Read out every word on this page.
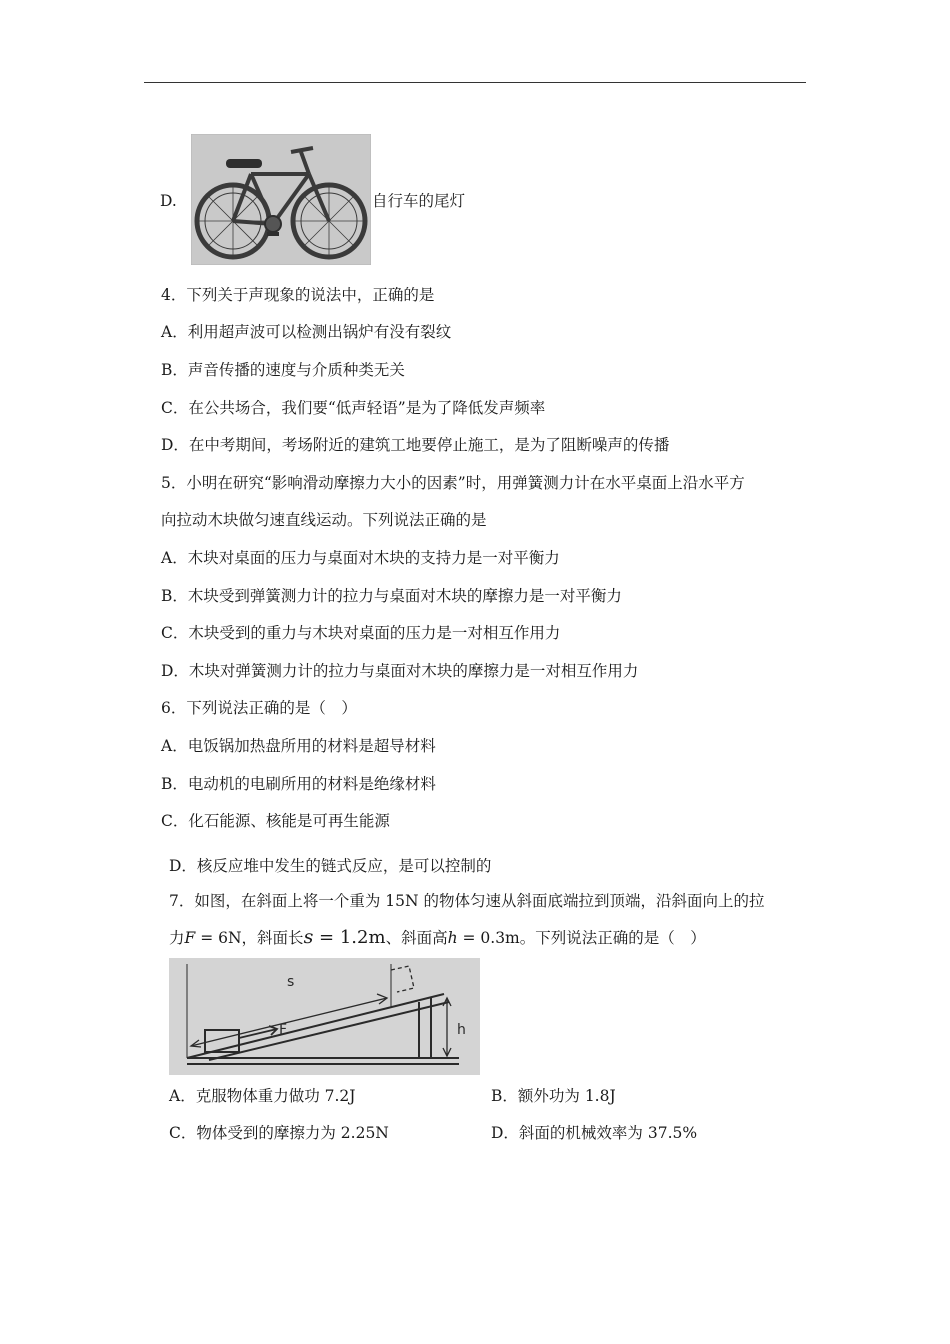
D.	自行车的尾灯
4．下列关于声现象的说法中，正确的是
A．利用超声波可以检测出锅炉有没有裂纹
B．声音传播的速度与介质种类无关
C．在公共场合，我们要“低声轻语”是为了降低发声频率
D．在中考期间，考场附近的建筑工地要停止施工，是为了阻断噪声的传播
5．小明在研究“影响滑动摩擦力大小的因素”时，用弹簧测力计在水平桌面上沿水平方
向拉动木块做匀速直线运动。下列说法正确的是
A．木块对桌面的压力与桌面对木块的支持力是一对平衡力
B．木块受到弹簧测力计的拉力与桌面对木块的摩擦力是一对平衡力
C．木块受到的重力与木块对桌面的压力是一对相互作用力
D．木块对弹簧测力计的拉力与桌面对木块的摩擦力是一对相互作用力
6．下列说法正确的是（　）
A．电饭锅加热盘所用的材料是超导材料
B．电动机的电刷所用的材料是绝缘材料
C．化石能源、核能是可再生能源
D．核反应堆中发生的链式反应，是可以控制的
7．如图，在斜面上将一个重为 15N 的物体匀速从斜面底端拉到顶端，沿斜面向上的拉
力F = 6N，斜面长s = 1.2m、斜面高h = 0.3m。下列说法正确的是（　）
s
F	h
A．克服物体重力做功 7.2J	B．额外功为 1.8J
C．物体受到的摩擦力为 2.25N	D．斜面的机械效率为 37.5%
